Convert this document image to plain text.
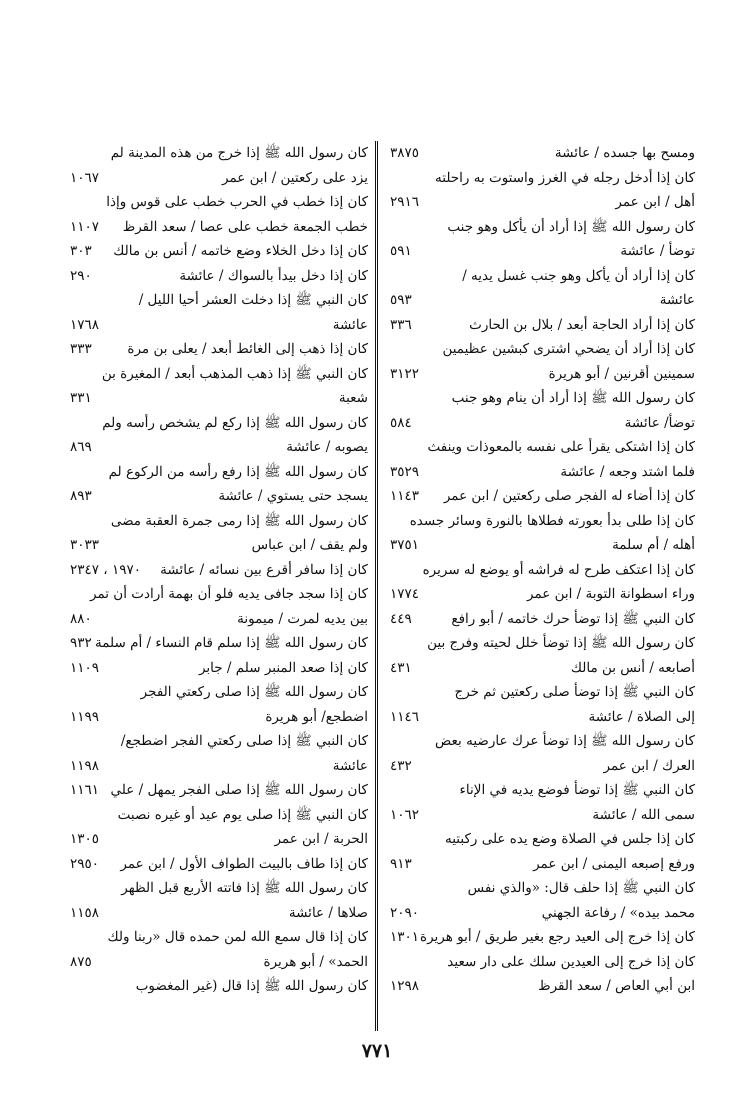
ومسح بها جسده / عائشة
٣٨٧٥
كان إذا أدخل رجله في الغرز واستوت به راحلته
أهل / ابن عمر
٢٩١٦
كان رسول الله ﷺ إذا أراد أن يأكل وهو جنب
توضأ / عائشة
٥٩١
كان إذا أراد أن يأكل وهو جنب غسل يديه /
عائشة
٥٩٣
كان إذا أراد الحاجة أبعد / بلال بن الحارث
٣٣٦
كان إذا أراد أن يضحي اشترى كبشين عظيمين
سمينين أقرنين / أبو هريرة
٣١٢٢
كان رسول الله ﷺ إذا أراد أن ينام وهو جنب
توضأ/ عائشة
٥٨٤
كان إذا اشتكى يقرأ على نفسه بالمعوذات وينفث
فلما اشتد وجعه / عائشة
٣٥٢٩
كان إذا أضاء له الفجر صلى ركعتين / ابن عمر
١١٤٣
كان إذا طلى بدأ بعورته فطلاها بالنورة وسائر جسده
أهله / أم سلمة
٣٧٥١
كان إذا اعتكف طرح له فراشه أو يوضع له سريره
وراء اسطوانة التوبة / ابن عمر
١٧٧٤
كان النبي ﷺ إذا توضأ حرك خاتمه / أبو رافع
٤٤٩
كان رسول الله ﷺ إذا توضأ خلل لحيته وفرج بين
أصابعه / أنس بن مالك
٤٣١
كان النبي ﷺ إذا توضأ صلى ركعتين ثم خرج
إلى الصلاة / عائشة
١١٤٦
كان رسول الله ﷺ إذا توضأ عرك عارضيه بعض
العرك / ابن عمر
٤٣٢
كان النبي ﷺ إذا توضأ فوضع يديه في الإناء
سمى الله / عائشة
١٠٦٢
كان إذا جلس في الصلاة وضع يده على ركبتيه
ورفع إصبعه اليمنى / ابن عمر
٩١٣
كان النبي ﷺ إذا حلف قال: «والذي نفس
محمد بيده» / رفاعة الجهني
٢٠٩٠
كان إذا خرج إلى العيد رجع بغير طريق / أبو هريرة
١٣٠١
كان إذا خرج إلى العيدين سلك على دار سعيد
ابن أبي العاص / سعد القرظ
١٢٩٨
كان رسول الله ﷺ إذا خرج من هذه المدينة لم
يزد على ركعتين / ابن عمر
١٠٦٧
كان إذا خطب في الحرب خطب على قوس وإذا
خطب الجمعة خطب على عصا / سعد القرظ
١١٠٧
كان إذا دخل الخلاء وضع خاتمه / أنس بن مالك
٣٠٣
كان إذا دخل بيدأ بالسواك / عائشة
٢٩٠
كان النبي ﷺ إذا دخلت العشر أحيا الليل /
عائشة
١٧٦٨
كان إذا ذهب إلى الغائط أبعد / يعلى بن مرة
٣٣٣
كان النبي ﷺ إذا ذهب المذهب أبعد / المغيرة بن
شعبة
٣٣١
كان رسول الله ﷺ إذا ركع لم يشخص رأسه ولم
يصوبه / عائشة
٨٦٩
كان رسول الله ﷺ إذا رفع رأسه من الركوع لم
يسجد حتى يستوي / عائشة
٨٩٣
كان رسول الله ﷺ إذا رمى جمرة العقبة مضى
ولم يقف / ابن عباس
٣٠٣٣
كان إذا سافر أقرع بين نسائه / عائشة
١٩٧٠ ، ٢٣٤٧
كان إذا سجد جافى يديه فلو أن بهمة أرادت أن تمر
بين يديه لمرت / ميمونة
٨٨٠
كان رسول الله ﷺ إذا سلم قام النساء / أم سلمة
٩٣٢
كان إذا صعد المنبر سلم / جابر
١١٠٩
كان رسول الله ﷺ إذا صلى ركعتي الفجر
اضطجع/ أبو هريرة
١١٩٩
كان النبي ﷺ إذا صلى ركعتي الفجر اضطجع/
عائشة
١١٩٨
كان رسول الله ﷺ إذا صلى الفجر يمهل / علي
١١٦١
كان النبي ﷺ إذا صلى يوم عيد أو غيره نصبت
الحربة / ابن عمر
١٣٠٥
كان إذا طاف بالبيت الطواف الأول / ابن عمر
٢٩٥٠
كان رسول الله ﷺ إذا فاتته الأربع قبل الظهر
صلاها / عائشة
١١٥٨
كان إذا قال سمع الله لمن حمده قال «ربنا ولك
الحمد» / أبو هريرة
٨٧٥
كان رسول الله ﷺ إذا قال (غير المغضوب
٧٧١
